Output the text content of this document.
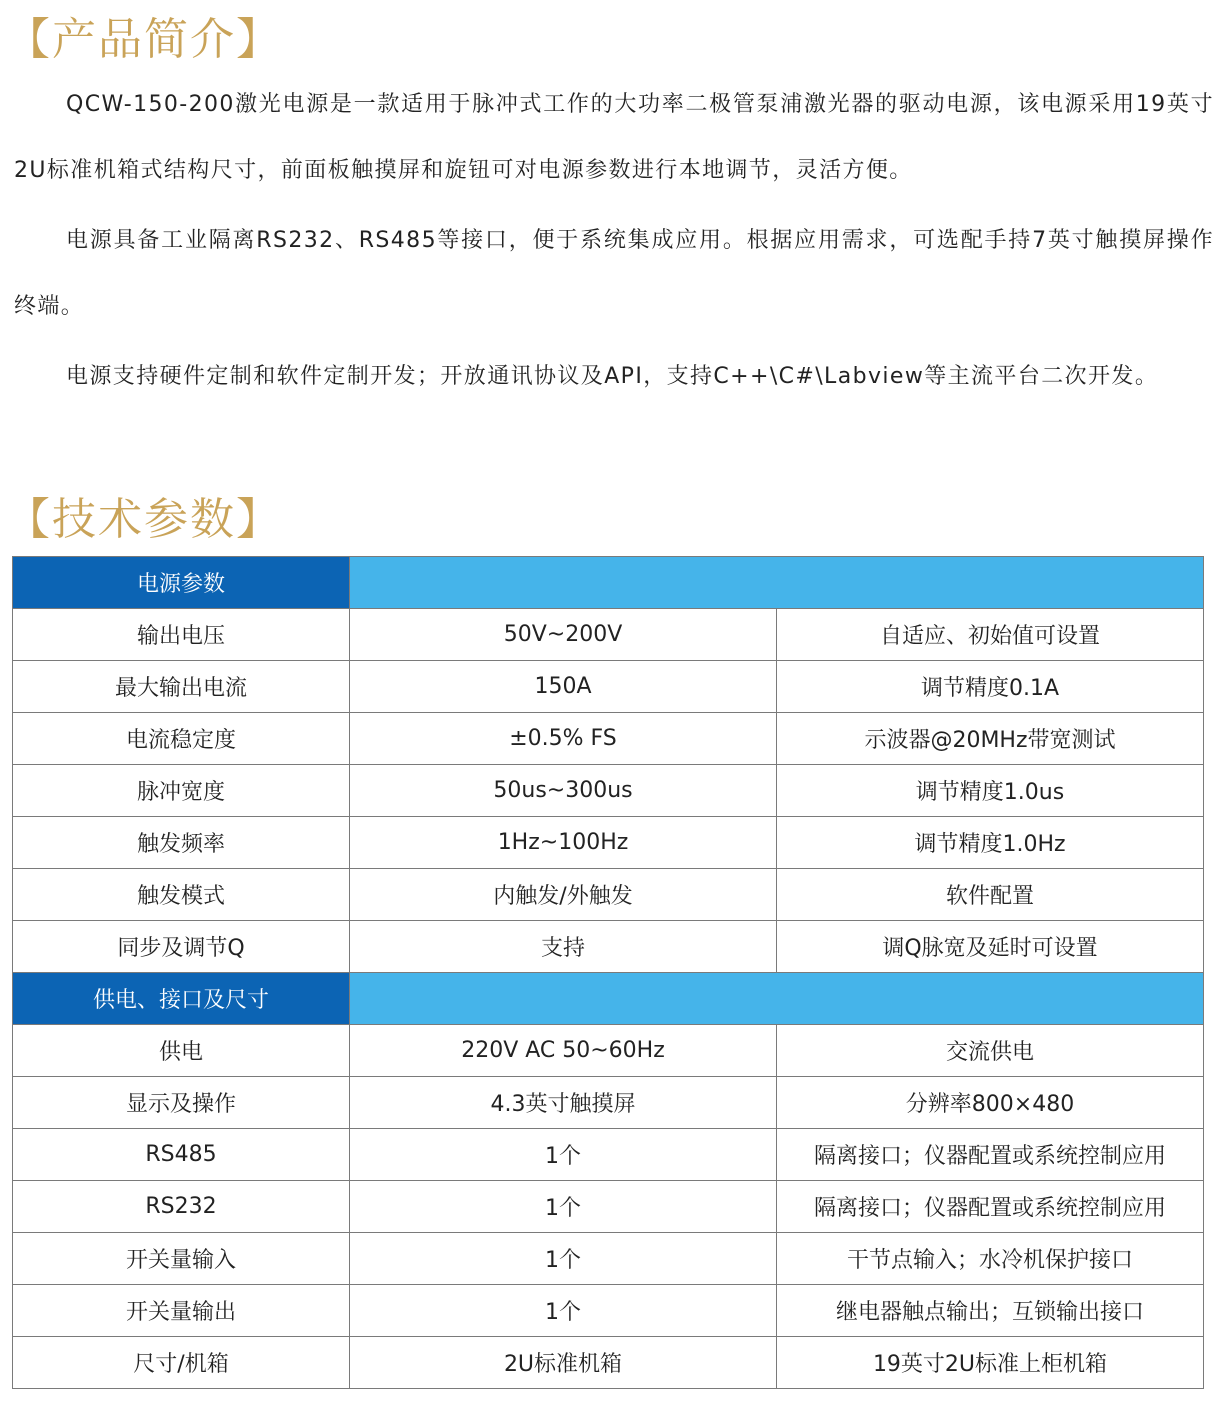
【产品简介】

QCW-150-200激光电源是一款适用于脉冲式工作的大功率二极管泵浦激光器的驱动电源，该电源采用19英寸2U标准机箱式结构尺寸，前面板触摸屏和旋钮可对电源参数进行本地调节，灵活方便。

电源具备工业隔离RS232、RS485等接口，便于系统集成应用。根据应用需求，可选配手持7英寸触摸屏操作终端。

电源支持硬件定制和软件定制开发；开放通讯协议及API，支持C++\C#\Labview等主流平台二次开发。

【技术参数】
电源参数		
输出电压	50V~200V	自适应、初始值可设置
最大输出电流	150A	调节精度0.1A
电流稳定度	±0.5% FS	示波器@20MHz带宽测试
脉冲宽度	50us~300us	调节精度1.0us
触发频率	1Hz~100Hz	调节精度1.0Hz
触发模式	内触发/外触发	软件配置
同步及调节Q	支持	调Q脉宽及延时可设置
供电、接口及尺寸		
供电	220V AC 50~60Hz	交流供电
显示及操作	4.3英寸触摸屏	分辨率800×480
RS485	1个	隔离接口；仪器配置或系统控制应用
RS232	1个	隔离接口；仪器配置或系统控制应用
开关量输入	1个	干节点输入；水冷机保护接口
开关量输出	1个	继电器触点输出；互锁输出接口
尺寸/机箱	2U标准机箱	19英寸2U标准上柜机箱
